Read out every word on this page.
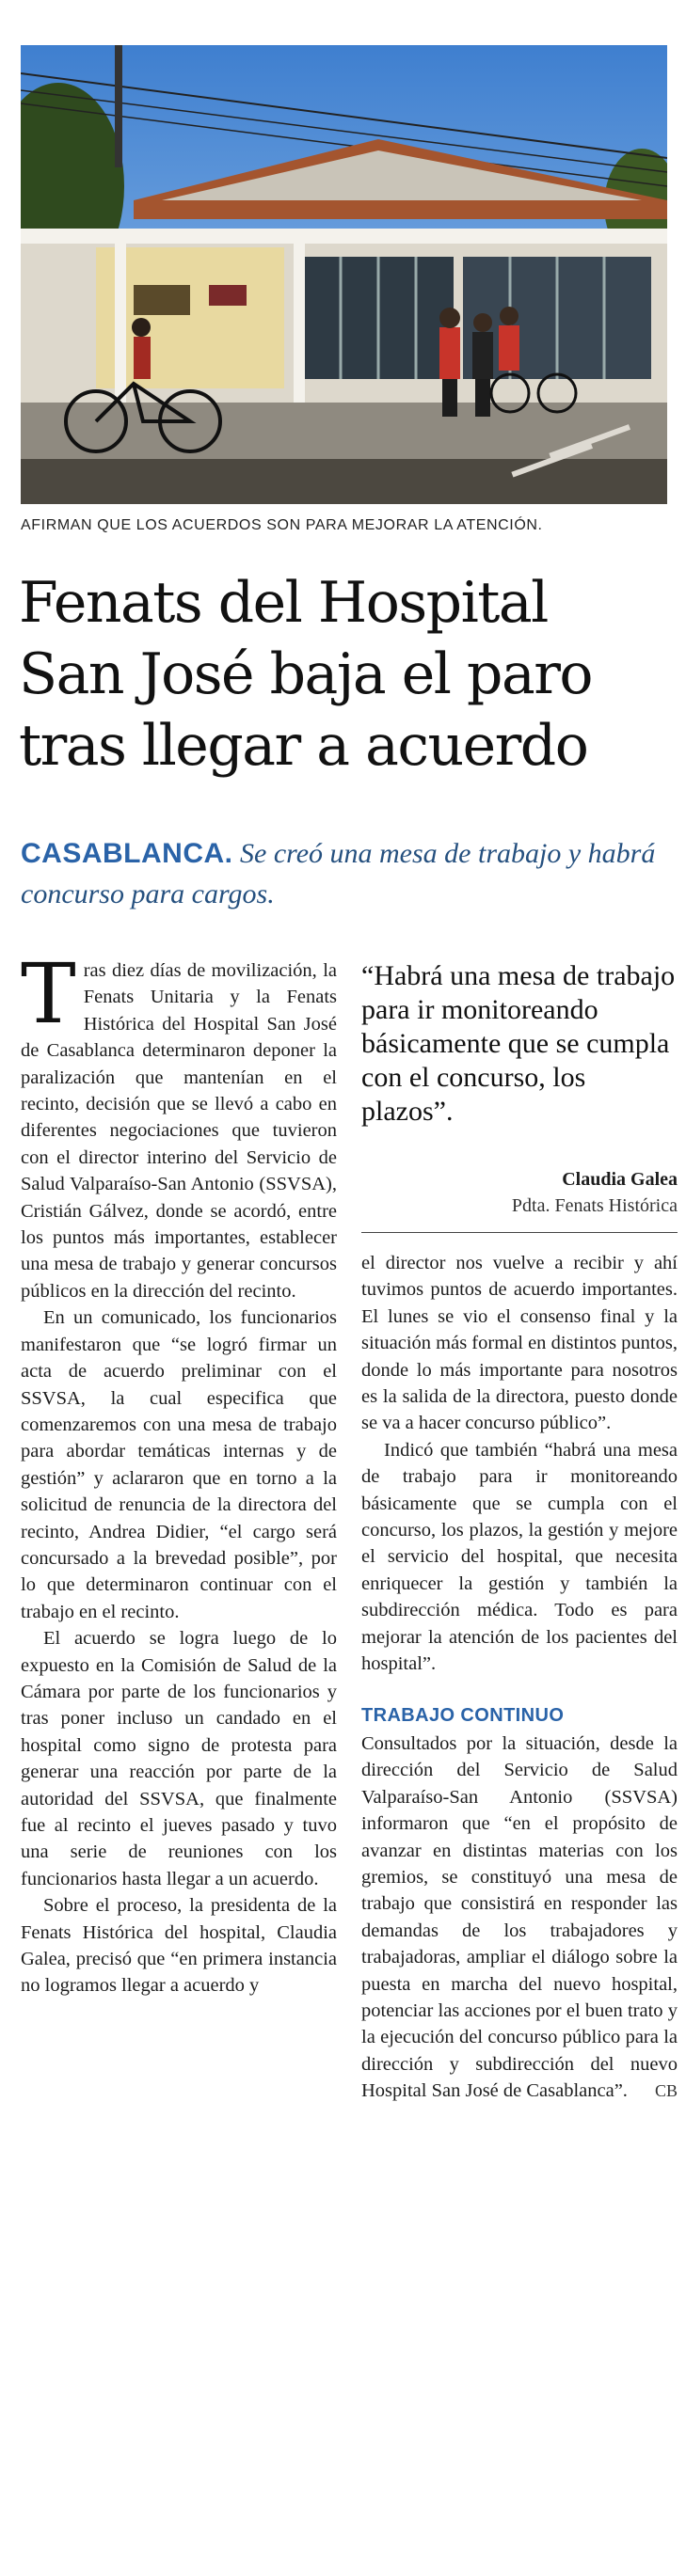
AFIRMAN QUE LOS ACUERDOS SON PARA MEJORAR LA ATENCIÓN.
Fenats del Hospital
San José baja el paro
tras llegar a acuerdo
CASABLANCA. Se creó una mesa de trabajo y habrá concurso para cargos.

Tras diez días de movilización, la Fenats Unitaria y la Fenats Histórica del Hospital San José de Casablanca determinaron deponer la paralización que mantenían en el recinto, decisión que se llevó a cabo en diferentes negociaciones que tuvieron con el director interino del Servicio de Salud Valparaíso-San Antonio (SSVSA), Cristián Gálvez, donde se acordó, entre los puntos más importantes, establecer una mesa de trabajo y generar concursos públicos en la dirección del recinto.

En un comunicado, los funcionarios manifestaron que “se logró firmar un acta de acuerdo preliminar con el SSVSA, la cual especifica que comenzaremos con una mesa de trabajo para abordar temáticas internas y de gestión” y aclararon que en torno a la solicitud de renuncia de la directora del recinto, Andrea Didier, “el cargo será concursado a la brevedad posible”, por lo que determinaron continuar con el trabajo en el recinto.

El acuerdo se logra luego de lo expuesto en la Comisión de Salud de la Cámara por parte de los funcionarios y tras poner incluso un candado en el hospital como signo de protesta para generar una reacción por parte de la autoridad del SSVSA, que finalmente fue al recinto el jueves pasado y tuvo una serie de reuniones con los funcionarios hasta llegar a un acuerdo.

Sobre el proceso, la presidenta de la Fenats Histórica del hospital, Claudia Galea, precisó que “en primera instancia no logramos llegar a acuerdo y

“Habrá una mesa de trabajo para ir monitoreando básicamente que se cumpla con el concurso, los plazos”.
Claudia Galea
Pdta. Fenats Histórica

el director nos vuelve a recibir y ahí tuvimos puntos de acuerdo importantes. El lunes se vio el consenso final y la situación más formal en distintos puntos, donde lo más importante para nosotros es la salida de la directora, puesto donde se va a hacer concurso público”.

Indicó que también “habrá una mesa de trabajo para ir monitoreando básicamente que se cumpla con el concurso, los plazos, la gestión y mejore el servicio del hospital, que necesita enriquecer la gestión y también la subdirección médica. Todo es para mejorar la atención de los pacientes del hospital”.

TRABAJO CONTINUO

Consultados por la situación, desde la dirección del Servicio de Salud Valparaíso-San Antonio (SSVSA) informaron que “en el propósito de avanzar en distintas materias con los gremios, se constituyó una mesa de trabajo que consistirá en responder las demandas de los trabajadores y trabajadoras, ampliar el diálogo sobre la puesta en marcha del nuevo hospital, potenciar las acciones por el buen trato y la ejecución del concurso público para la dirección y subdirección del nuevo Hospital San José de Casablanca”. CB
